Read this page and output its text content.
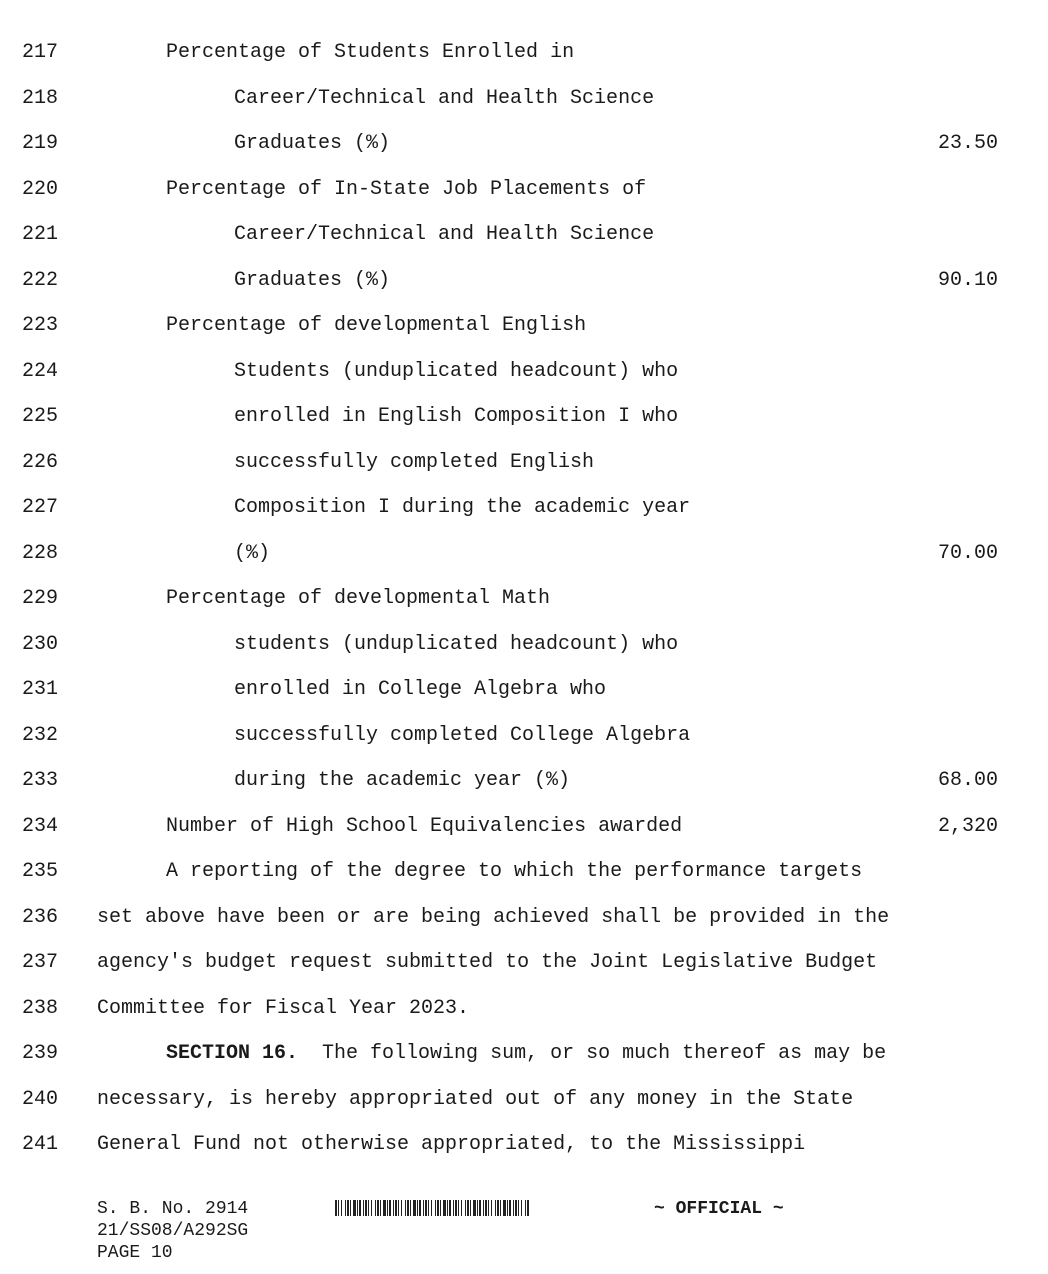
217	Percentage of Students Enrolled in
218	Career/Technical and Health Science
219	Graduates (%)	23.50
220	Percentage of In-State Job Placements of
221	Career/Technical and Health Science
222	Graduates (%)	90.10
223	Percentage of developmental English
224	Students (unduplicated headcount) who
225	enrolled in English Composition I who
226	successfully completed English
227	Composition I during the academic year
228	(%)	70.00
229	Percentage of developmental Math
230	students (unduplicated headcount) who
231	enrolled in College Algebra who
232	successfully completed College Algebra
233	during the academic year (%)	68.00
234	Number of High School Equivalencies awarded	2,320
235	A reporting of the degree to which the performance targets
236 set above have been or are being achieved shall be provided in the
237 agency's budget request submitted to the Joint Legislative Budget
238 Committee for Fiscal Year 2023.
239	SECTION 16.  The following sum, or so much thereof as may be
240 necessary, is hereby appropriated out of any money in the State
241 General Fund not otherwise appropriated, to the Mississippi
S. B. No. 2914
21/SS08/A292SG
PAGE 10
~ OFFICIAL ~
